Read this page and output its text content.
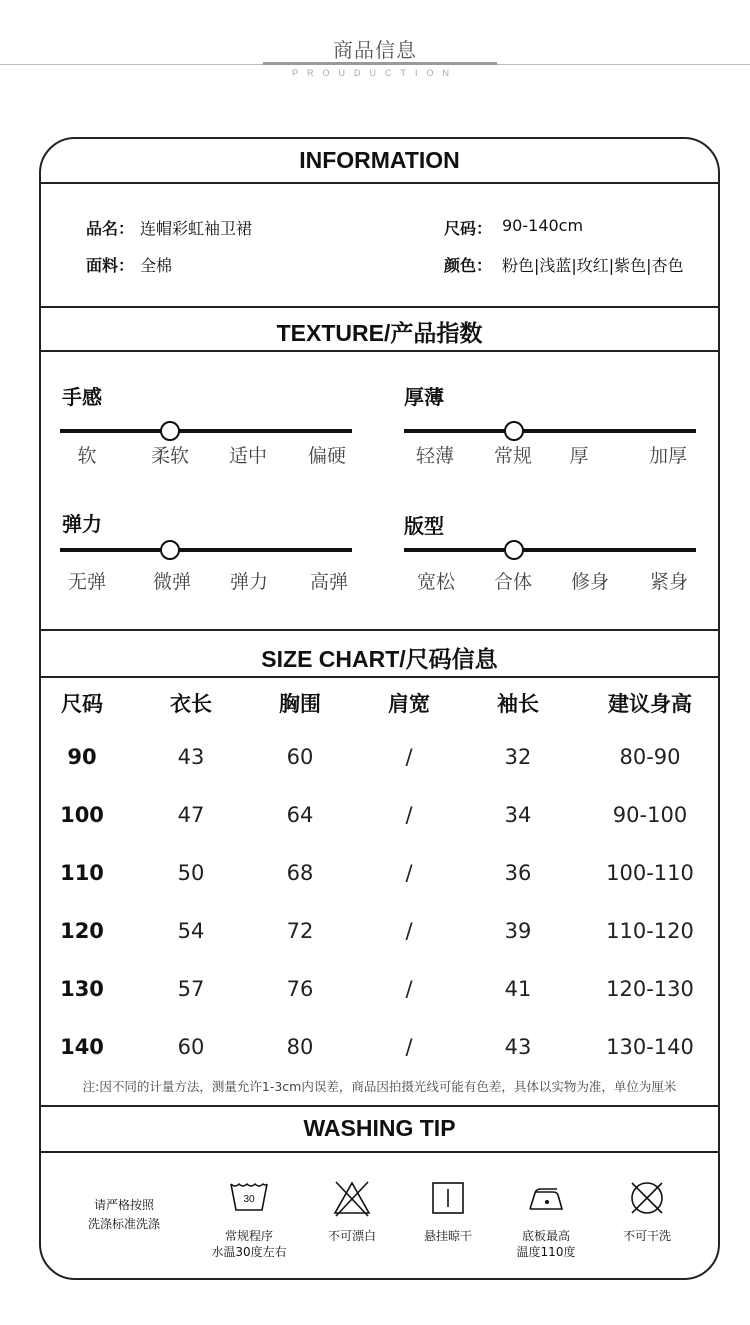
商品信息
PROUDUCTION
INFORMATION
品名： 连帽彩虹袖卫裙
面料： 全棉
尺码： 90-140cm
颜色： 粉色|浅蓝|玫红|紫色|杏色
TEXTURE/产品指数
手感
软	柔软	适中	偏硬
厚薄
轻薄	常规	厚	加厚
弹力
无弹	微弹	弹力	高弹
版型
宽松	合体	修身	紧身
SIZE CHART/尺码信息
尺码	衣长	胸围	肩宽	袖长	建议身高
90	43	60	/	32	80-90
100	47	64	/	34	90-100
110	50	68	/	36	100-110
120	54	72	/	39	110-120
130	57	76	/	41	120-130
140	60	80	/	43	130-140
注:因不同的计量方法，测量允许1-3cm内误差，商品因拍摄光线可能有色差，具体以实物为准，单位为厘米
WASHING TIP
请严格按照
洗涤标准洗涤
30
常规程序
水温30度左右
不可漂白	悬挂晾干	底板最高
温度110度
不可干洗
